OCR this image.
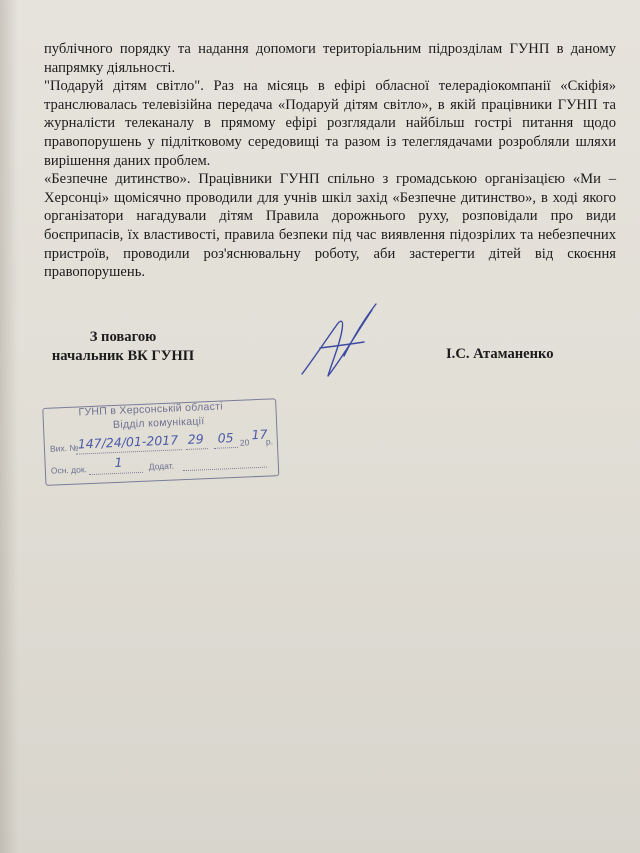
публічного порядку та надання допомоги територіальним підрозділам ГУНП в даному напрямку діяльності.

"Подаруй дітям світло". Раз на місяць в ефірі обласної телерадіокомпанії «Скіфія» транслювалась телевізійна передача «Подаруй дітям світло», в якій працівники ГУНП та журналісти телеканалу в прямому ефірі розглядали найбільш гострі питання щодо правопорушень у підлітковому середовищі та разом із телеглядачами розробляли шляхи вирішення даних проблем.

«Безпечне дитинство». Працівники ГУНП спільно з громадською організацією «Ми – Херсонці» щомісячно проводили для учнів шкіл захід «Безпечне дитинство», в ході якого організатори нагадували дітям Правила дорожнього руху, розповідали про види боєприпасів, їх властивості, правила безпеки під час виявлення підозрілих та небезпечних пристроїв, проводили роз'яснювальну роботу, аби застерегти дітей від скоєння правопорушень.

З повагою
начальник ВК ГУНП	І.С. Атаманенко
ГУНП в Херсонській області
Відділ комунікації
Вих. №
147/24/01-2017 29 05 20
17
р.
Осн. док. 1	Додат.
